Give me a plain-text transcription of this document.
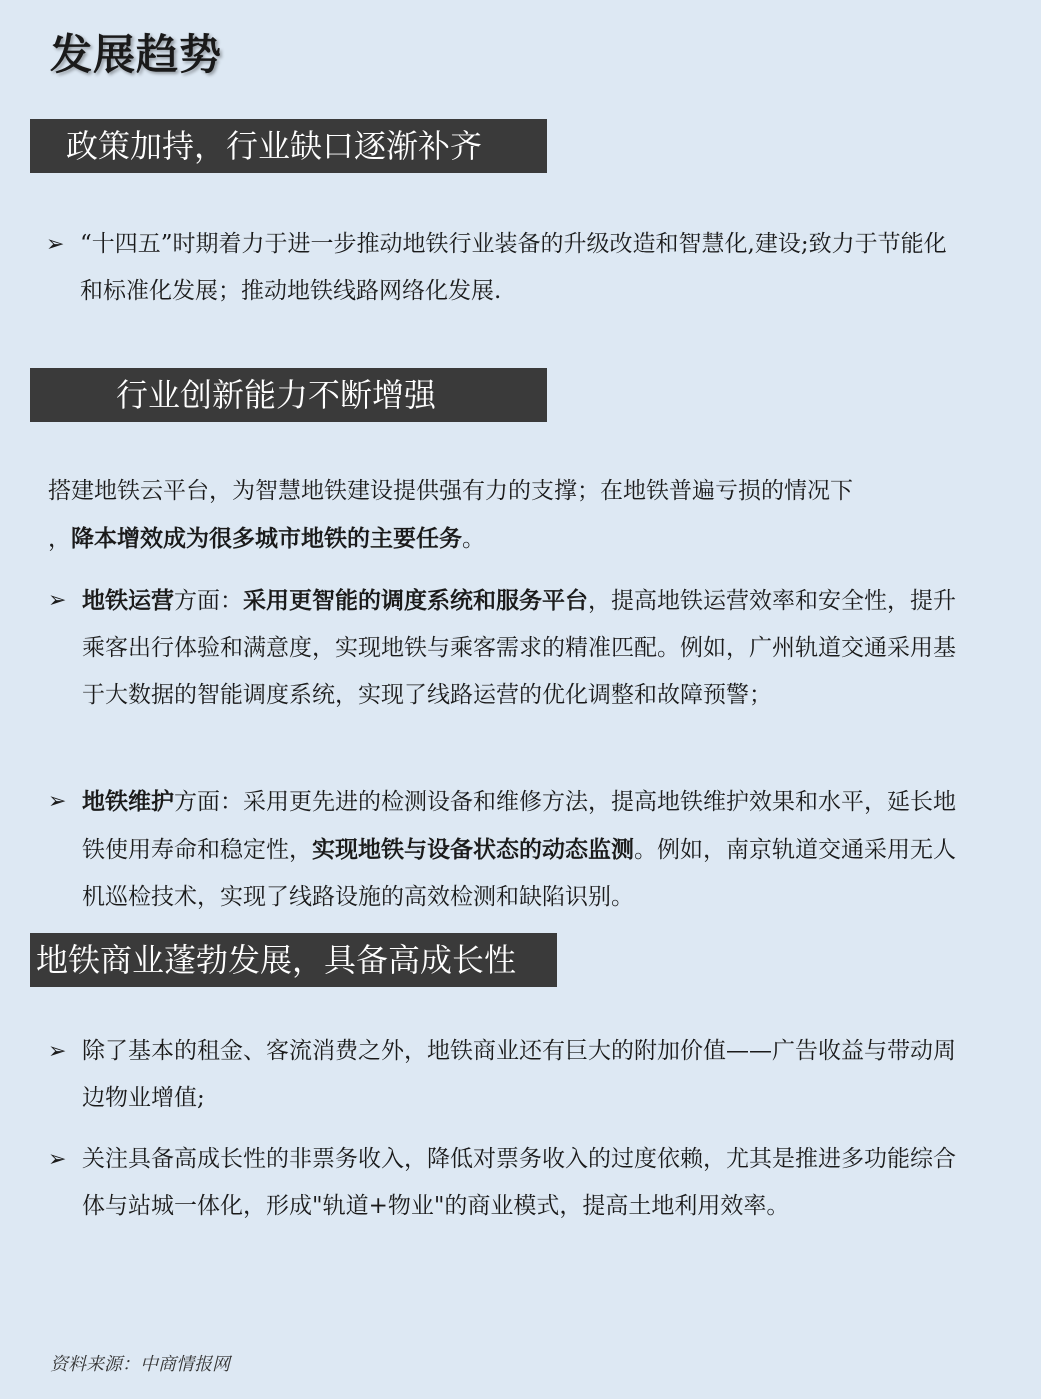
发展趋势
政策加持，行业缺口逐渐补齐
➢ “十四五”时期着力于进一步推动地铁行业装备的升级改造和智慧化,建设;致力于节能化和标准化发展；推动地铁线路网络化发展.
行业创新能力不断增强
搭建地铁云平台，为智慧地铁建设提供强有力的支撑；在地铁普遍亏损的情况下
，降本增效成为很多城市地铁的主要任务。
➢ 地铁运营方面：采用更智能的调度系统和服务平台，提高地铁运营效率和安全性，提升乘客出行体验和满意度，实现地铁与乘客需求的精准匹配。例如，广州轨道交通采用基于大数据的智能调度系统，实现了线路运营的优化调整和故障预警；
➢ 地铁维护方面：采用更先进的检测设备和维修方法，提高地铁维护效果和水平，延长地铁使用寿命和稳定性，实现地铁与设备状态的动态监测。例如，南京轨道交通采用无人机巡检技术，实现了线路设施的高效检测和缺陷识别。
地铁商业蓬勃发展，具备高成长性
➢ 除了基本的租金、客流消费之外，地铁商业还有巨大的附加价值——广告收益与带动周边物业增值;
➢ 关注具备高成长性的非票务收入，降低对票务收入的过度依赖，尤其是推进多功能综合体与站城一体化，形成"轨道+物业"的商业模式，提高土地利用效率。
资料来源：中商情报网
